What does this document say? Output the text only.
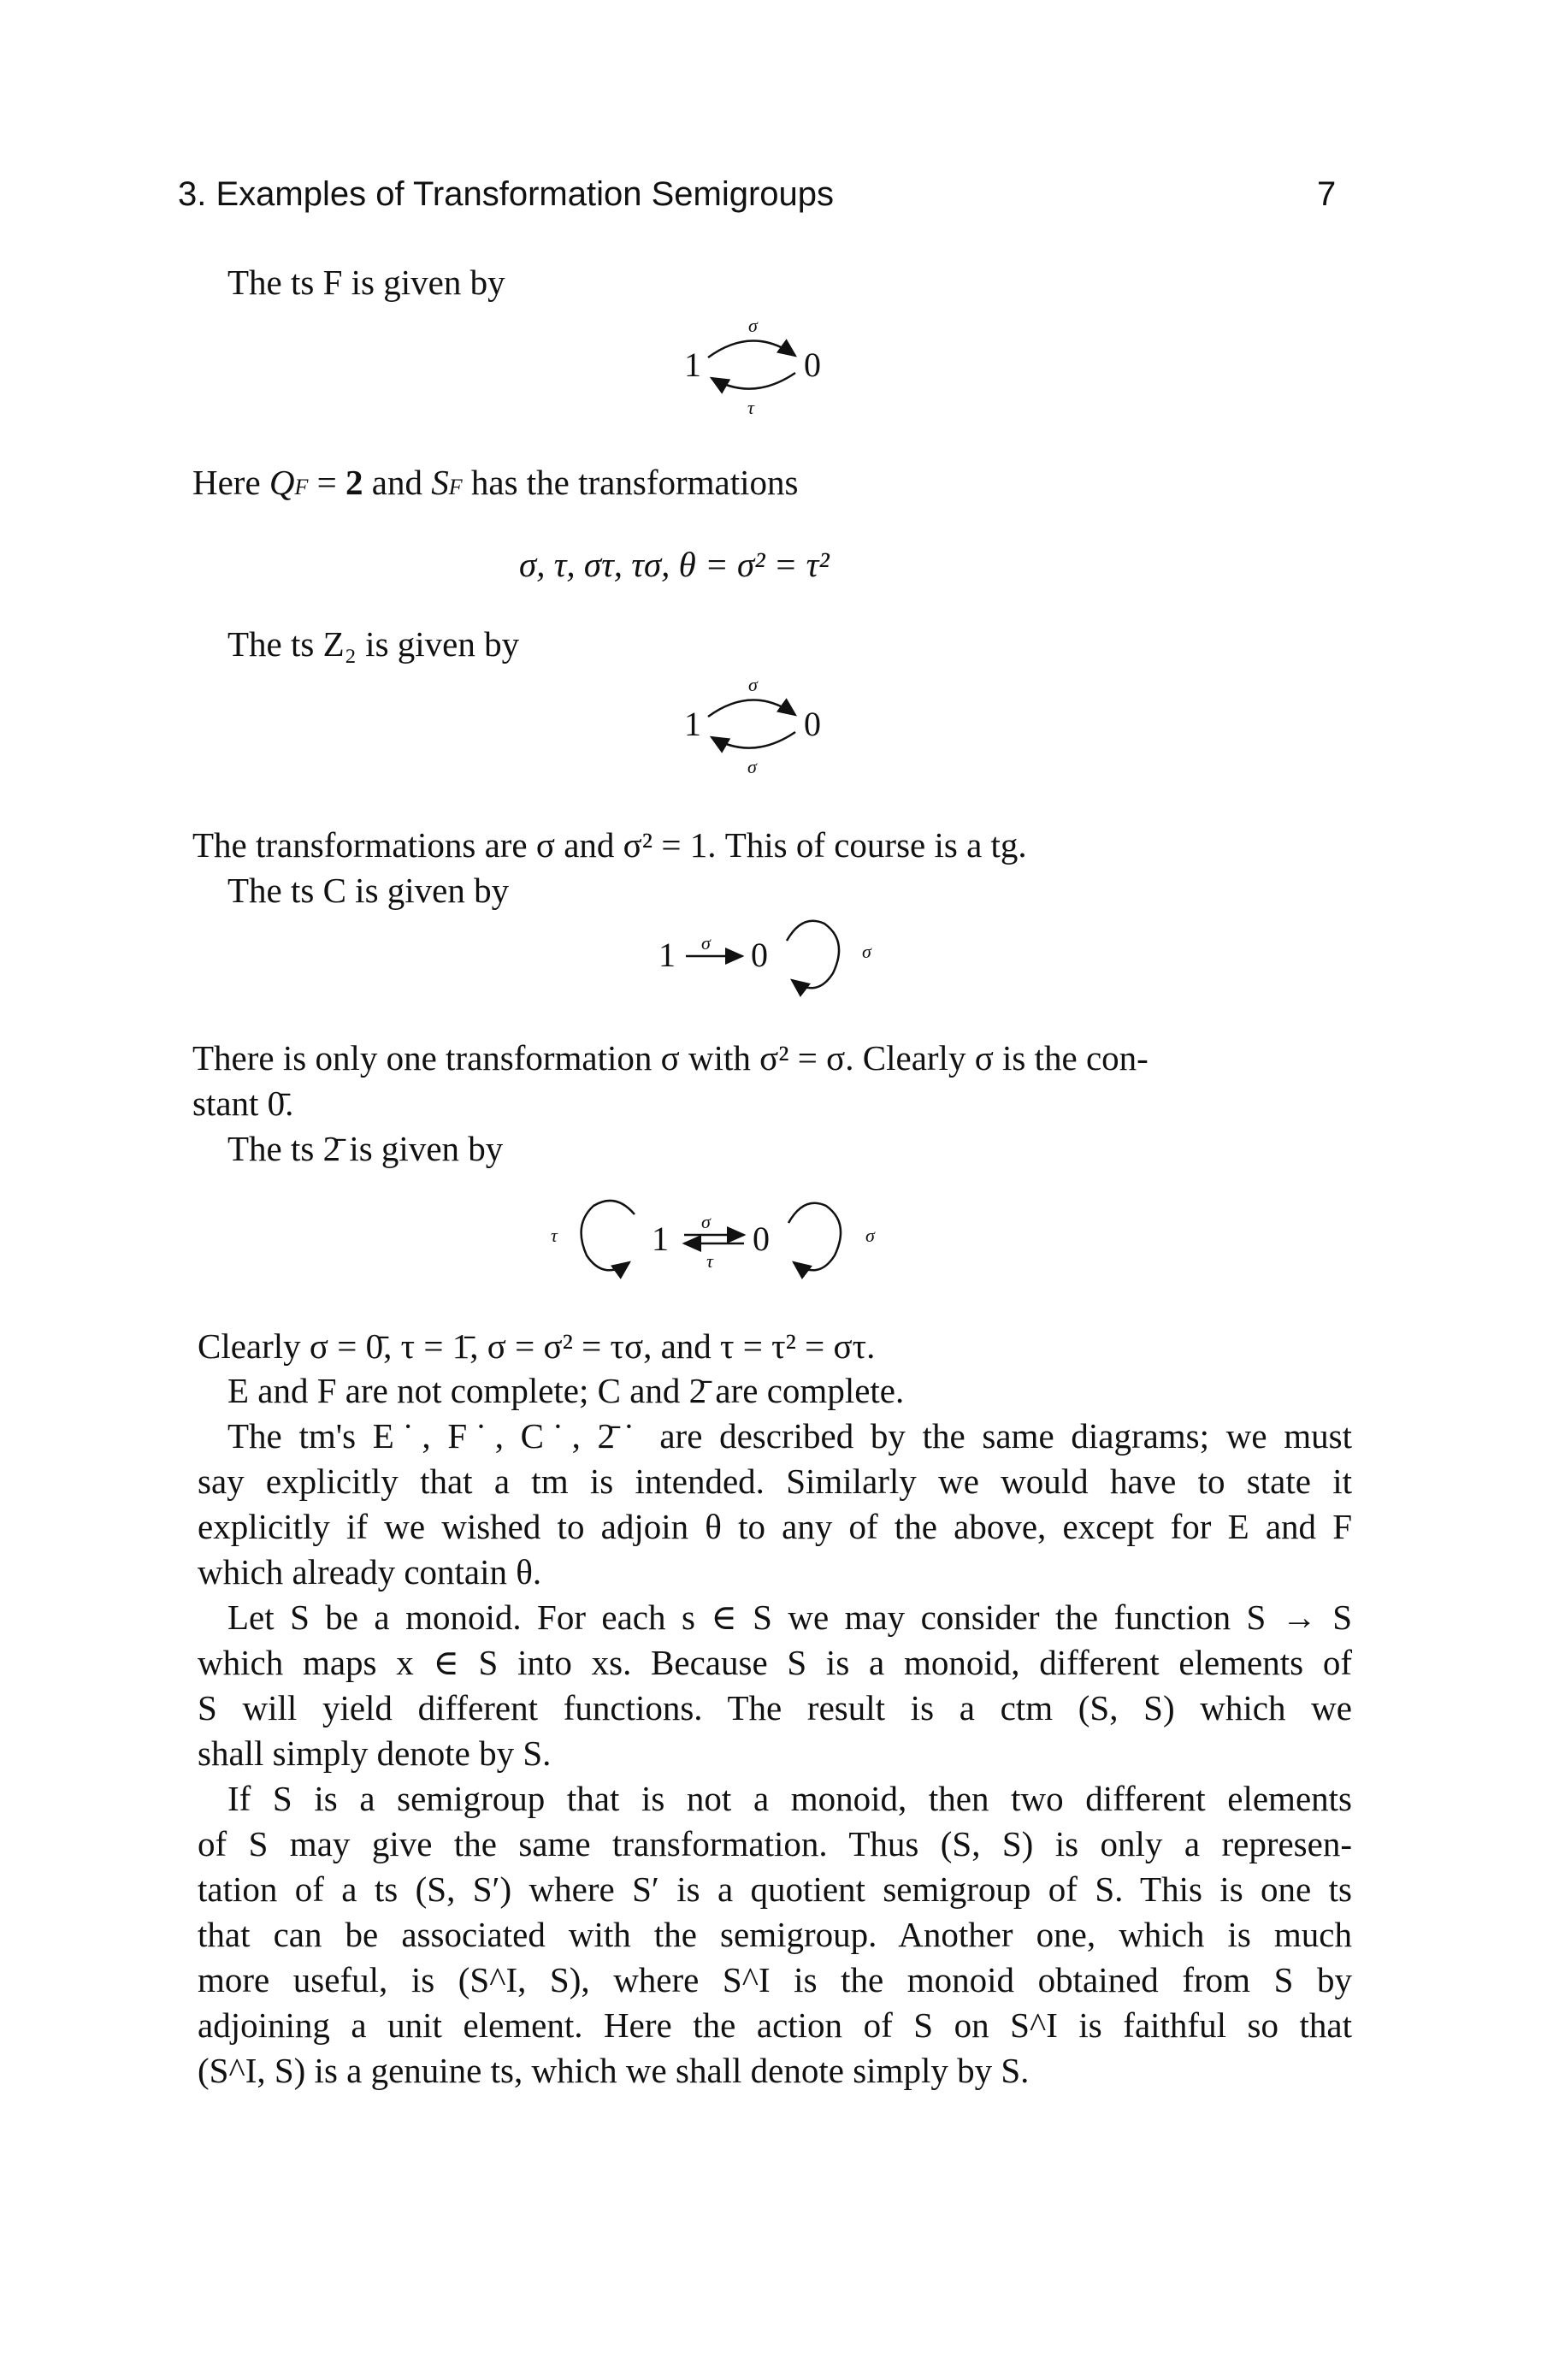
3. Examples of Transformation Semigroups	7
The ts F is given by
σ
1	0
τ
Here QF = 2 and SF has the transformations
σ, τ, στ, τσ, θ = σ² = τ²
The ts Z₂ is given by
σ
1	0
σ
The transformations are σ and σ² = 1. This of course is a tg.
The ts C is given by
1 σ 0	σ
There is only one transformation σ with σ² = σ. Clearly σ is the con-
stant 0̄.
The ts 2̄ is given by
τ	1 σ
τ
0	σ
Clearly σ = 0̄, τ = 1̄, σ = σ² = τσ, and τ = τ² = στ.
E and F are not complete; C and 2̄ are complete.
The tm's E˙, F˙, C˙, 2̄˙ are described by the same diagrams; we must
say explicitly that a tm is intended. Similarly we would have to state it
explicitly if we wished to adjoin θ to any of the above, except for E and F
which already contain θ.
Let S be a monoid. For each s ∈ S we may consider the function S → S
which maps x ∈ S into xs. Because S is a monoid, different elements of
S will yield different functions. The result is a ctm (S, S) which we
shall simply denote by S.
If S is a semigroup that is not a monoid, then two different elements
of S may give the same transformation. Thus (S, S) is only a represen-
tation of a ts (S, S′) where S′ is a quotient semigroup of S. This is one ts
that can be associated with the semigroup. Another one, which is much
more useful, is (S^I, S), where S^I is the monoid obtained from S by
adjoining a unit element. Here the action of S on S^I is faithful so that
(S^I, S) is a genuine ts, which we shall denote simply by S.
